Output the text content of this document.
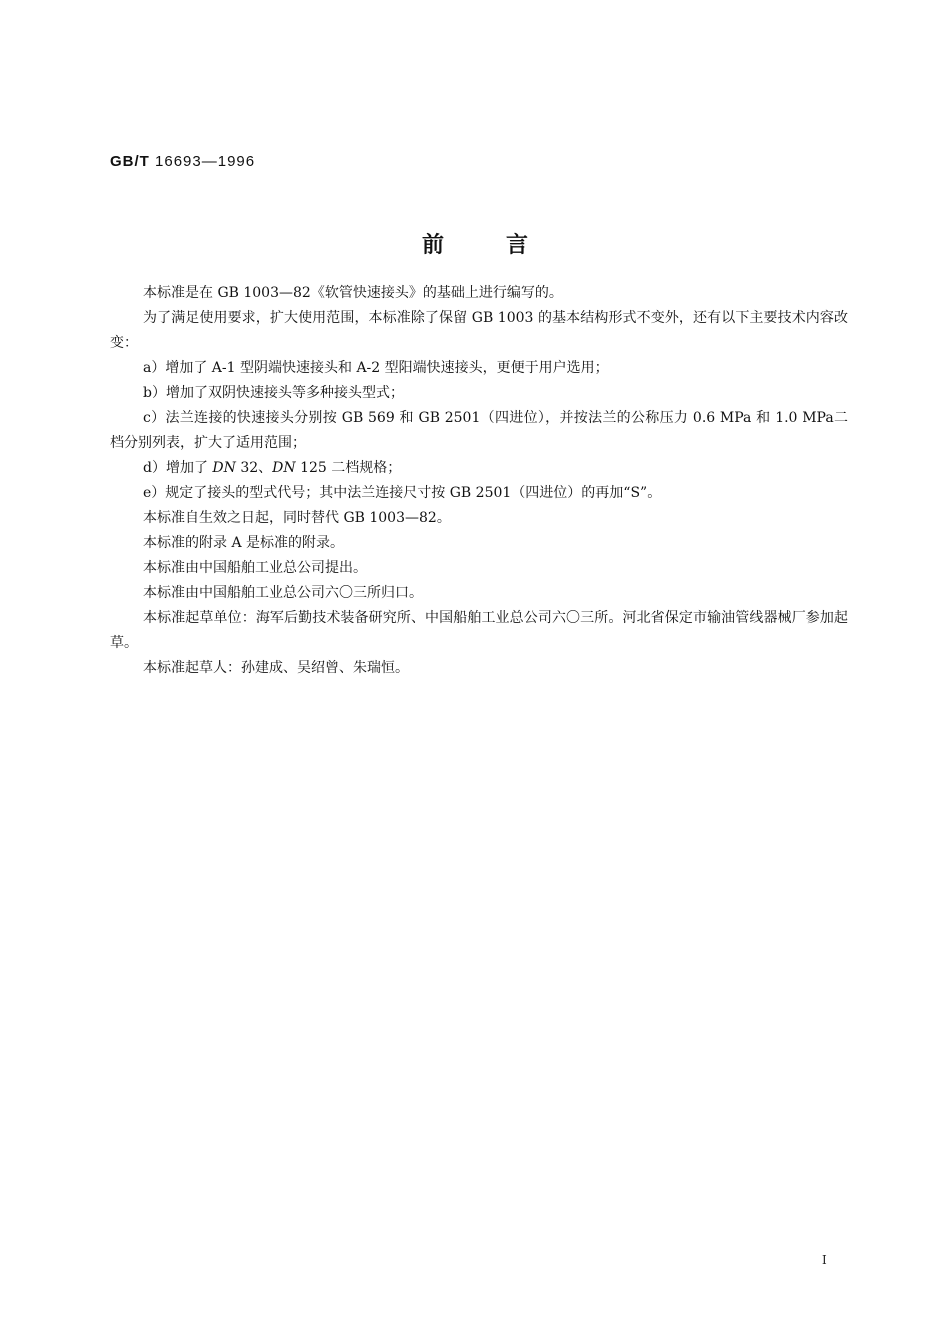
GB/T 16693—1996
前言

本标准是在 GB 1003—82《软管快速接头》的基础上进行编写的。

为了满足使用要求，扩大使用范围，本标准除了保留 GB 1003 的基本结构形式不变外，还有以下主要技术内容改变：

a）增加了 A-1 型阴端快速接头和 A-2 型阳端快速接头，更便于用户选用；

b）增加了双阴快速接头等多种接头型式；

c）法兰连接的快速接头分别按 GB 569 和 GB 2501（四进位），并按法兰的公称压力 0.6 MPa 和 1.0 MPa二档分别列表，扩大了适用范围；

d）增加了 DN 32、DN 125 二档规格；

e）规定了接头的型式代号；其中法兰连接尺寸按 GB 2501（四进位）的再加“S”。

本标准自生效之日起，同时替代 GB 1003—82。

本标准的附录 A 是标准的附录。

本标准由中国船舶工业总公司提出。

本标准由中国船舶工业总公司六〇三所归口。

本标准起草单位：海军后勤技术装备研究所、中国船舶工业总公司六〇三所。河北省保定市输油管线器械厂参加起草。

本标准起草人：孙建成、吴绍曾、朱瑞恒。

I
